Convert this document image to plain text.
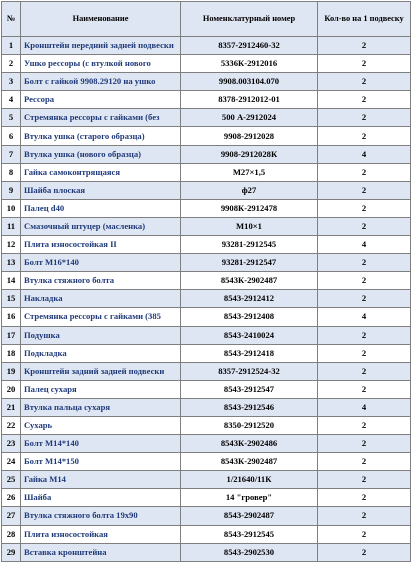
№	Наименование	Номенклатурный номер	Кол-во на 1 подвеску
1	Кронштейн передний задней подвески	8357-2912460-32	2
2	Ушко рессоры (с втулкой нового	5336К-2912016	2
3	Болт с гайкой 9908.29120 на ушко	9908.003104.070	2
4	Рессора	8378-2912012-01	2
5	Стремянка рессоры с гайками (без	500 А-2912024	2
6	Втулка ушка (старого образца)	9908-2912028	2
7	Втулка ушка (нового образца)	9908-2912028К	4
8	Гайка самоконтрящаяся	М27×1,5	2
9	Шайба плоская	ф27	2
10	Палец d40	9908К-2912478	2
11	Смазочный штуцер (масленка)	М10×1	2
12	Плита износостойкая II	93281-2912545	4
13	Болт М16*140	93281-2912547	2
14	Втулка стяжного болта	8543К-2902487	2
15	Накладка	8543-2912412	2
16	Стремянка рессоры с гайками (385	8543-2912408	4
17	Подушка	8543-2410024	2
18	Подкладка	8543-2912418	2
19	Кронштейн задний задней подвески	8357-2912524-32	2
20	Палец сухаря	8543-2912547	2
21	Втулка пальца сухаря	8543-2912546	4
22	Сухарь	8350-2912520	2
23	Болт М14*140	8543К-2902486	2
24	Болт М14*150	8543К-2902487	2
25	Гайка М14	1/21640/11К	2
26	Шайба	14 "гровер"	2
27	Втулка стяжного болта 19х90	8543-2902487	2
28	Плита износостойкая	8543-2912545	2
29	Вставка кронштейна	8543-2902530	2
